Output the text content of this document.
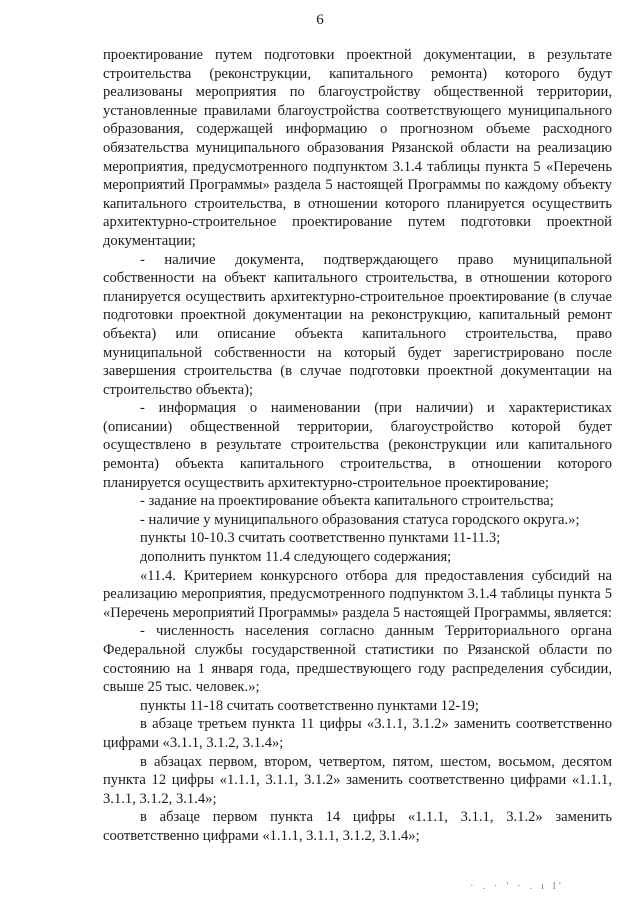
6

проектирование путем подготовки проектной документации, в результате строительства (реконструкции, капитального ремонта) которого будут реализованы мероприятия по благоустройству общественной территории, установленные правилами благоустройства соответствующего муниципального образования, содержащей информацию о прогнозном объеме расходного обязательства муниципального образования Рязанской области на реализацию мероприятия, предусмотренного подпунктом 3.1.4 таблицы пункта 5 «Перечень мероприятий Программы» раздела 5 настоящей Программы по каждому объекту капитального строительства, в отношении которого планируется осуществить архитектурно-строительное проектирование путем подготовки проектной документации;

- наличие документа, подтверждающего право муниципальной собственности на объект капитального строительства, в отношении которого планируется осуществить архитектурно-строительное проектирование (в случае подготовки проектной документации на реконструкцию, капитальный ремонт объекта) или описание объекта капитального строительства, право муниципальной собственности на который будет зарегистрировано после завершения строительства (в случае подготовки проектной документации на строительство объекта);

- информация о наименовании (при наличии) и характеристиках (описании) общественной территории, благоустройство которой будет осуществлено в результате строительства (реконструкции или капитального ремонта) объекта капитального строительства, в отношении которого планируется осуществить архитектурно-строительное проектирование;

- задание на проектирование объекта капитального строительства;

- наличие у муниципального образования статуса городского округа.»;

пункты 10-10.3 считать соответственно пунктами 11-11.3;

дополнить пунктом 11.4 следующего содержания;

«11.4. Критерием конкурсного отбора для предоставления субсидий на реализацию мероприятия, предусмотренного подпунктом 3.1.4 таблицы пункта 5 «Перечень мероприятий Программы» раздела 5 настоящей Программы, является:

- численность населения согласно данным Территориального органа Федеральной службы государственной статистики по Рязанской области по состоянию на 1 января года, предшествующего году распределения субсидии, свыше 25 тыс. человек.»;

пункты 11-18 считать соответственно пунктами 12-19;

в абзаце третьем пункта 11 цифры «3.1.1, 3.1.2» заменить соответственно цифрами «3.1.1, 3.1.2, 3.1.4»;

в абзацах первом, втором, четвертом, пятом, шестом, восьмом, десятом пункта 12 цифры «1.1.1, 3.1.1, 3.1.2» заменить соответственно цифрами «1.1.1, 3.1.1, 3.1.2, 3.1.4»;

в абзаце первом пункта 14 цифры «1.1.1, 3.1.1, 3.1.2» заменить соответственно цифрами «1.1.1, 3.1.1, 3.1.2, 3.1.4»;

· . · ' · . ı l'
